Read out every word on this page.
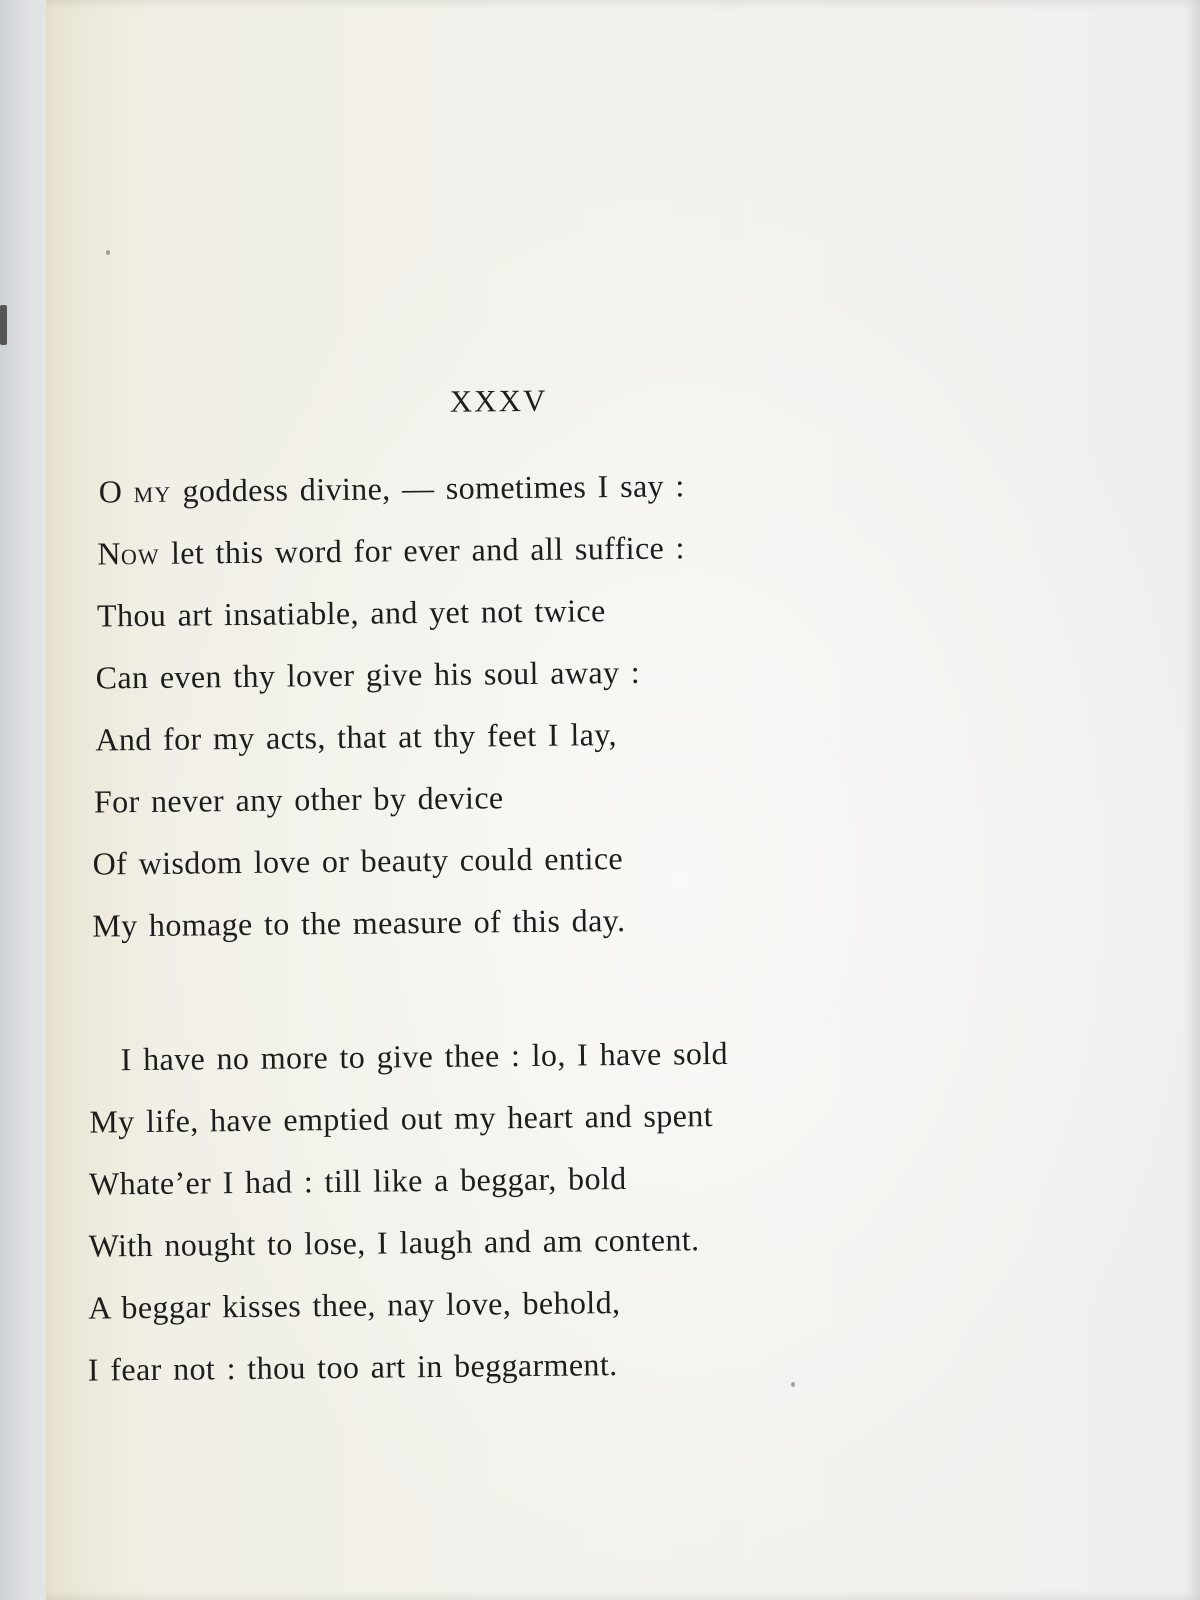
XXXV
O MY goddess divine, — sometimes I say :
NOW let this word for ever and all suffice :
Thou art insatiable, and yet not twice
Can even thy lover give his soul away :
And for my acts, that at thy feet I lay,
For never any other by device
Of wisdom love or beauty could entice
My homage to the measure of this day.
I have no more to give thee : lo, I have sold
My life, have emptied out my heart and spent
Whate’er I had : till like a beggar, bold
With nought to lose, I laugh and am content.
A beggar kisses thee, nay love, behold,
I fear not : thou too art in beggarment.
